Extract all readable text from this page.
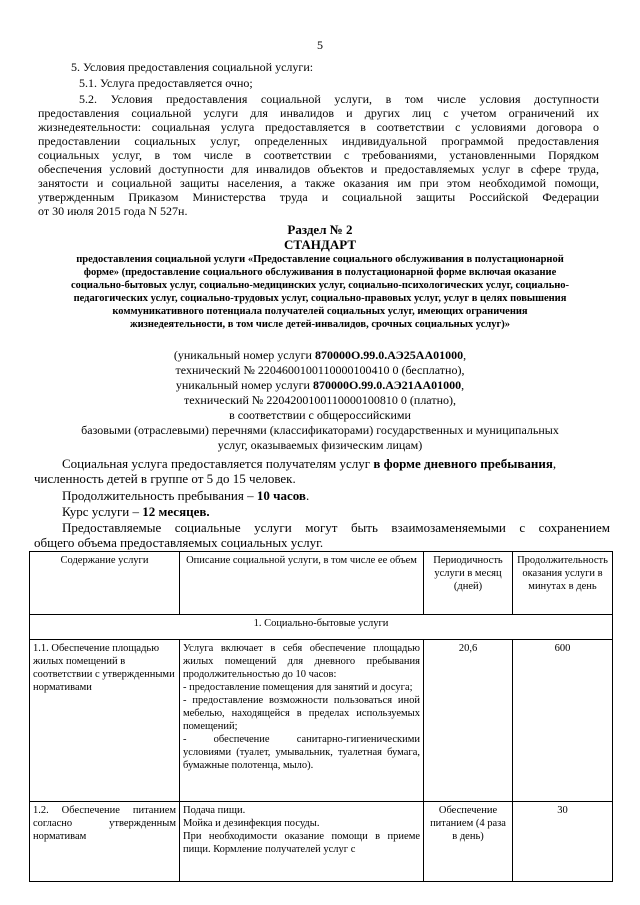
5
5. Условия предоставления социальной услуги:
5.1. Услуга предоставляется очно;
5.2. Условия предоставления социальной услуги, в том числе условия доступности
предоставления социальной услуги для инвалидов и других лиц с учетом ограничений их
жизнедеятельности: социальная услуга предоставляется в соответствии с условиями договора о
предоставлении социальных услуг, определенных индивидуальной программой предоставления
социальных услуг, в том числе в соответствии с требованиями, установленными Порядком
обеспечения условий доступности для инвалидов объектов и предоставляемых услуг в сфере труда,
занятости и социальной защиты населения, а также оказания им при этом необходимой помощи,
утвержденным Приказом Министерства труда и социальной защиты Российской Федерации
от 30 июля 2015 года N 527н.
Раздел № 2
СТАНДАРТ
предоставления социальной услуги «Предоставление социального обслуживания в полустационарной
форме» (предоставление социального обслуживания в полустационарной форме включая оказание
социально-бытовых услуг, социально-медицинских услуг, социально-психологических услуг, социально-
педагогических услуг, социально-трудовых услуг, социально-правовых услуг, услуг в целях повышения
коммуникативного потенциала получателей социальных услуг, имеющих ограничения
жизнедеятельности, в том числе детей-инвалидов, срочных социальных услуг)»
(уникальный номер услуги 870000О.99.0.АЭ25АА01000,
технический № 2204600100110000100410 0 (бесплатно),
уникальный номер услуги 870000О.99.0.АЭ21АА01000,
технический № 2204200100110000100810 0 (платно),
в соответствии с общероссийскими
базовыми (отраслевыми) перечнями (классификаторами) государственных и муниципальных
услуг, оказываемых физическим лицам)
Социальная услуга предоставляется получателям услуг в форме дневного пребывания,
численность детей в группе от 5 до 15 человек.
Продолжительность пребывания – 10 часов.
Курс услуги – 12 месяцев.
Предоставляемые социальные услуги могут быть взаимозаменяемыми с сохранением
общего объема предоставляемых социальных услуг.
Содержание услуги	Описание социальной услуги, в том числе ее объем	Периодичность услуги в месяц (дней)	Продолжительность оказания услуги в минутах в день
1. Социально-бытовые услуги			
1.1. Обеспечение площадью жилых помещений в соответствии с утвержденными нормативами	Услуга включает в себя обеспечение площадью жилых помещений для дневного пребывания продолжительностью до 10 часов:
- предоставление помещения для занятий и досуга;
- предоставление возможности пользоваться иной мебелью, находящейся в пределах используемых помещений;
- обеспечение санитарно-гигиеническими условиями (туалет, умывальник, туалетная бумага, бумажные полотенца, мыло).	20,6	600
1.2. Обеспечение питанием согласно утвержденным нормативам	Подача пищи.
Мойка и дезинфекция посуды.
При необходимости оказание помощи в приеме пищи. Кормление получателей услуг с	Обеспечение питанием (4 раза в день)	30
